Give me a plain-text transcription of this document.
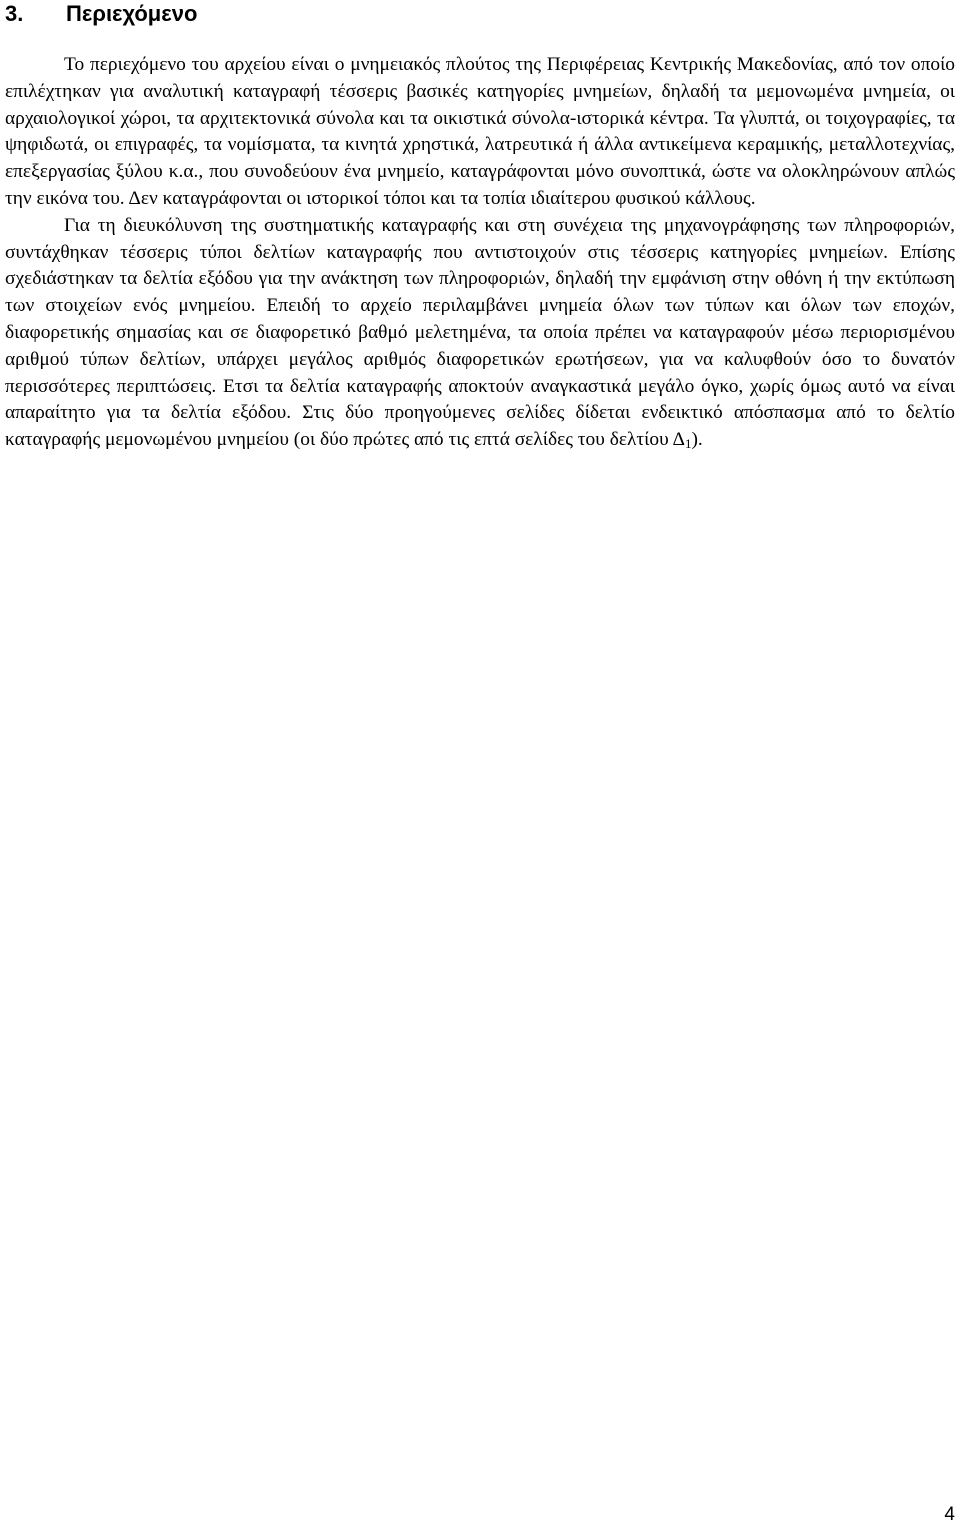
3. Περιεχόμενο

Το περιεχόμενο του αρχείου είναι ο μνημειακός πλούτος της Περιφέρειας Κεντρικής Μακεδονίας, από τον οποίο επιλέχτηκαν για αναλυτική καταγραφή τέσσερις βασικές κατηγορίες μνημείων, δηλαδή τα μεμονωμένα μνημεία, οι αρχαιολογικοί χώροι, τα αρχιτεκτονικά σύνολα και τα οικιστικά σύνολα-ιστορικά κέντρα. Τα γλυπτά, οι τοιχογραφίες, τα ψηφιδωτά, οι επιγραφές, τα νομίσματα, τα κινητά χρηστικά, λατρευτικά ή άλλα αντικείμενα κεραμικής, μεταλλοτεχνίας, επεξεργασίας ξύλου κ.α., που συνοδεύουν ένα μνημείο, καταγράφονται μόνο συνοπτικά, ώστε να ολοκληρώνουν απλώς την εικόνα του. Δεν καταγράφονται οι ιστορικοί τόποι και τα τοπία ιδιαίτερου φυσικού κάλλους.

Για τη διευκόλυνση της συστηματικής καταγραφής και στη συνέχεια της μηχανογράφησης των πληροφοριών, συντάχθηκαν τέσσερις τύποι δελτίων καταγραφής που αντιστοιχούν στις τέσσερις κατηγορίες μνημείων. Επίσης σχεδιάστηκαν τα δελτία εξόδου για την ανάκτηση των πληροφοριών, δηλαδή την εμφάνιση στην οθόνη ή την εκτύπωση των στοιχείων ενός μνημείου. Επειδή το αρχείο περιλαμβάνει μνημεία όλων των τύπων και όλων των εποχών, διαφορετικής σημασίας και σε διαφορετικό βαθμό μελετημένα, τα οποία πρέπει να καταγραφούν μέσω περιορισμένου αριθμού τύπων δελτίων, υπάρχει μεγάλος αριθμός διαφορετικών ερωτήσεων, για να καλυφθούν όσο το δυνατόν περισσότερες περιπτώσεις. Ετσι τα δελτία καταγραφής αποκτούν αναγκαστικά μεγάλο όγκο, χωρίς όμως αυτό να είναι απαραίτητο για τα δελτία εξόδου. Στις δύο προηγούμενες σελίδες δίδεται ενδεικτικό απόσπασμα από το δελτίο καταγραφής μεμονωμένου μνημείου (οι δύο πρώτες από τις επτά σελίδες του δελτίου $\Delta_1$).

4
